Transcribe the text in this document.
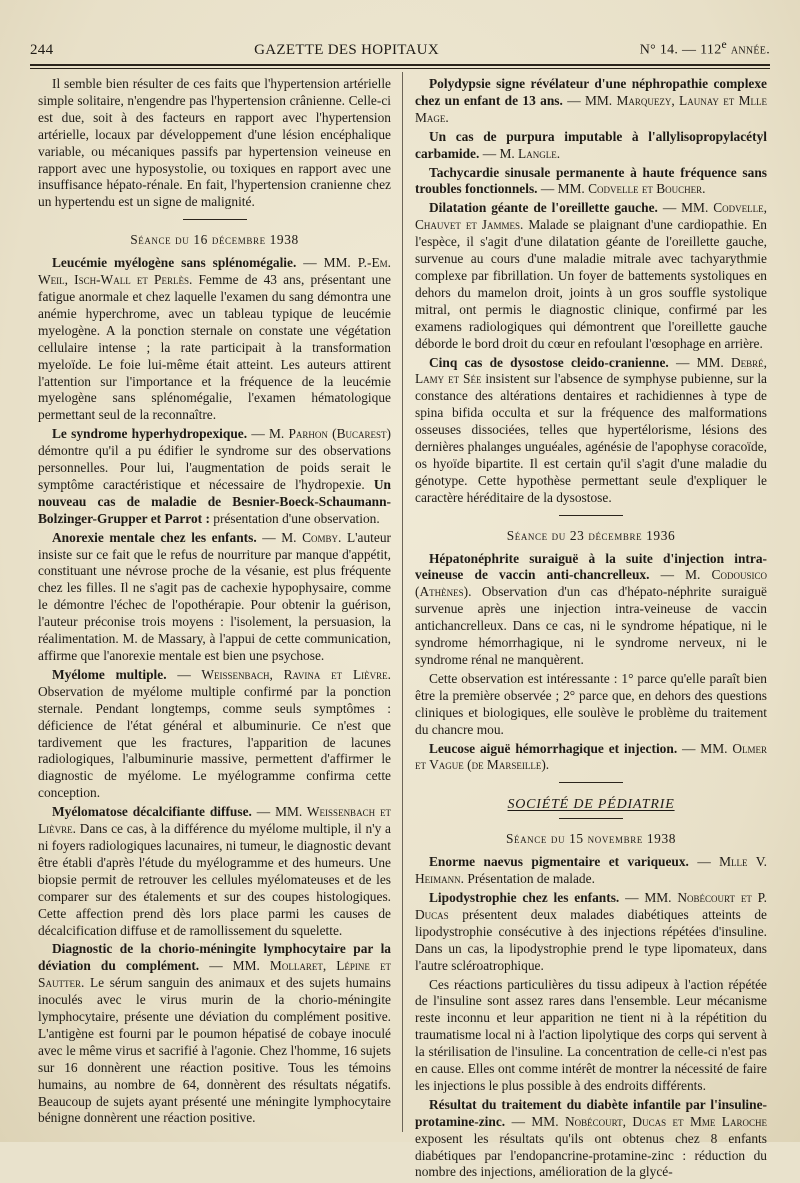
244	GAZETTE DES HOPITAUX	N° 14. — 112e année.

Il semble bien résulter de ces faits que l'hypertension artérielle simple solitaire, n'engendre pas l'hypertension crânienne. Celle-ci est due, soit à des facteurs en rapport avec l'hypertension artérielle, locaux par développement d'une lésion encéphalique variable, ou mécaniques passifs par hypertension veineuse en rapport avec une hyposystolie, ou toxiques en rapport avec une insuffisance hépato-rénale. En fait, l'hypertension cranienne chez un hypertendu est un signe de malignité.

Séance du 16 décembre 1938

Leucémie myélogène sans splénomégalie. — MM. P.-Em. Weil, Isch-Wall et Perlès. Femme de 43 ans, présentant une fatigue anormale et chez laquelle l'examen du sang démontra une anémie hyperchrome, avec un tableau typique de leucémie myelogène. A la ponction sternale on constate une végétation cellulaire intense ; la rate participait à la transformation myeloïde. Le foie lui-même était atteint. Les auteurs attirent l'attention sur l'importance et la fréquence de la leucémie myelogène sans splénomégalie, l'examen hématologique permettant seul de la reconnaître.

Le syndrome hyperhydropexique. — M. Parhon (Bucarest) démontre qu'il a pu édifier le syndrome sur des observations personnelles. Pour lui, l'augmentation de poids serait le symptôme caractéristique et nécessaire de l'hydropexie. Un nouveau cas de maladie de Besnier-Boeck-Schaumann-Bolzinger-Grupper et Parrot : présentation d'une observation.

Anorexie mentale chez les enfants. — M. Comby. L'auteur insiste sur ce fait que le refus de nourriture par manque d'appétit, constituant une névrose proche de la vésanie, est plus fréquente chez les filles. Il ne s'agit pas de cachexie hypophysaire, comme le démontre l'échec de l'opothérapie. Pour obtenir la guérison, l'auteur préconise trois moyens : l'isolement, la persuasion, la réalimentation. M. de Massary, à l'appui de cette communication, affirme que l'anorexie mentale est bien une psychose.

Myélome multiple. — Weissenbach, Ravina et Lièvre. Observation de myélome multiple confirmé par la ponction sternale. Pendant longtemps, comme seuls symptômes : déficience de l'état général et albuminurie. Ce n'est que tardivement que les fractures, l'apparition de lacunes radiologiques, l'albuminurie massive, permettent d'affirmer le diagnostic de myélome. Le myélogramme confirma cette conception.

Myélomatose décalcifiante diffuse. — MM. Weissenbach et Lièvre. Dans ce cas, à la différence du myélome multiple, il n'y a ni foyers radiologiques lacunaires, ni tumeur, le diagnostic devant être établi d'après l'étude du myélogramme et des humeurs. Une biopsie permit de retrouver les cellules myélomateuses et de les comparer sur des étalements et sur des coupes histologiques. Cette affection prend dès lors place parmi les causes de décalcification diffuse et de ramollissement du squelette.

Diagnostic de la chorio-méningite lymphocytaire par la déviation du complément. — MM. Mollaret, Lépine et Sautter. Le sérum sanguin des animaux et des sujets humains inoculés avec le virus murin de la chorio-méningite lymphocytaire, présente une déviation du complément positive. L'antigène est fourni par le poumon hépatisé de cobaye inoculé avec le même virus et sacrifié à l'agonie. Chez l'homme, 16 sujets sur 16 donnèrent une réaction positive. Tous les témoins humains, au nombre de 64, donnèrent des résultats négatifs. Beaucoup de sujets ayant présenté une méningite lymphocytaire bénigne donnèrent une réaction positive.

Polydypsie signe révélateur d'une néphropathie complexe chez un enfant de 13 ans. — MM. Marquezy, Launay et Mlle Mage.

Un cas de purpura imputable à l'allylisopropylacétyl carbamide. — M. Langle.

Tachycardie sinusale permanente à haute fréquence sans troubles fonctionnels. — MM. Codvelle et Boucher.

Dilatation géante de l'oreillette gauche. — MM. Codvelle, Chauvet et Jammes. Malade se plaignant d'une cardiopathie. En l'espèce, il s'agit d'une dilatation géante de l'oreillette gauche, survenue au cours d'une maladie mitrale avec tachyarythmie complexe par fibrillation. Un foyer de battements systoliques en dehors du mamelon droit, joints à un gros souffle systolique mitral, ont permis le diagnostic clinique, confirmé par les examens radiologiques qui démontrent que l'oreillette gauche déborde le bord droit du cœur en refoulant l'œsophage en arrière.

Cinq cas de dysostose cleido-cranienne. — MM. Debré, Lamy et Sée insistent sur l'absence de symphyse pubienne, sur la constance des altérations dentaires et rachidiennes à type de spina bifida occulta et sur la fréquence des malformations osseuses dissociées, telles que hypertélorisme, lésions des dernières phalanges unguéales, agénésie de l'apophyse coracoïde, os hyoïde bipartite. Il est certain qu'il s'agit d'une maladie du génotype. Cette hypothèse permettant seule d'expliquer le caractère héréditaire de la dysostose.

Séance du 23 décembre 1936

Hépatonéphrite suraiguë à la suite d'injection intra-veineuse de vaccin anti-chancrelleux. — M. Codousico (Athènes). Observation d'un cas d'hépato-néphrite suraiguë survenue après une injection intra-veineuse de vaccin antichancrelleux. Dans ce cas, ni le syndrome hépatique, ni le syndrome hémorrhagique, ni le syndrome nerveux, ni le syndrome rénal ne manquèrent.

Cette observation est intéressante : 1° parce qu'elle paraît bien être la première observée ; 2° parce que, en dehors des questions cliniques et biologiques, elle soulève le problème du traitement du chancre mou.

Leucose aiguë hémorrhagique et injection. — MM. Olmer et Vague (de Marseille).

SOCIÉTÉ DE PÉDIATRIE
Séance du 15 novembre 1938

Enorme naevus pigmentaire et variqueux. — Mlle V. Heimann. Présentation de malade.

Lipodystrophie chez les enfants. — MM. Nobécourt et P. Ducas présentent deux malades diabétiques atteints de lipodystrophie consécutive à des injections répétées d'insuline. Dans un cas, la lipodystrophie prend le type lipomateux, dans l'autre scléroatrophique.

Ces réactions particulières du tissu adipeux à l'action répétée de l'insuline sont assez rares dans l'ensemble. Leur mécanisme reste inconnu et leur apparition ne tient ni à la répétition du traumatisme local ni à l'action lipolytique des corps qui servent à la stérilisation de l'insuline. La concentration de celle-ci n'est pas en cause. Elles ont comme intérêt de montrer la nécessité de faire les injections le plus possible à des endroits différents.

Résultat du traitement du diabète infantile par l'insuline-protamine-zinc. — MM. Nobécourt, Ducas et Mme Laroche exposent les résultats qu'ils ont obtenus chez 8 enfants diabétiques par l'endopancrine-protamine-zinc : réduction du nombre des injections, amélioration de la glycé-
